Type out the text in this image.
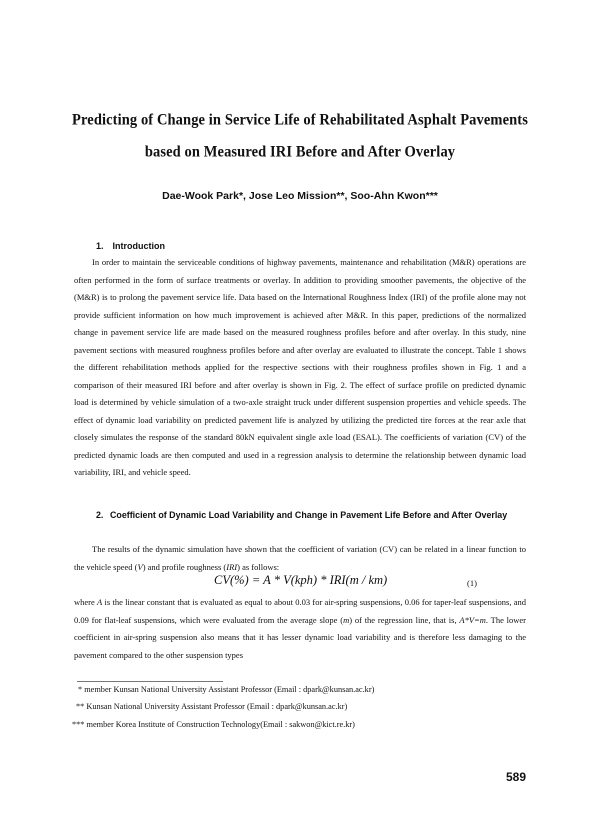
Predicting of Change in Service Life of Rehabilitated Asphalt Pavements
based on Measured IRI Before and After Overlay
Dae-Wook Park*, Jose Leo Mission**, Soo-Ahn Kwon***
1. Introduction

In order to maintain the serviceable conditions of highway pavements, maintenance and rehabilitation (M&R) operations are often performed in the form of surface treatments or overlay. In addition to providing smoother pavements, the objective of the (M&R) is to prolong the pavement service life. Data based on the International Roughness Index (IRI) of the profile alone may not provide sufficient information on how much improvement is achieved after M&R. In this paper, predictions of the normalized change in pavement service life are made based on the measured roughness profiles before and after overlay. In this study, nine pavement sections with measured roughness profiles before and after overlay are evaluated to illustrate the concept. Table 1 shows the different rehabilitation methods applied for the respective sections with their roughness profiles shown in Fig. 1 and a comparison of their measured IRI before and after overlay is shown in Fig. 2. The effect of surface profile on predicted dynamic load is determined by vehicle simulation of a two-axle straight truck under different suspension properties and vehicle speeds. The effect of dynamic load variability on predicted pavement life is analyzed by utilizing the predicted tire forces at the rear axle that closely simulates the response of the standard 80kN equivalent single axle load (ESAL). The coefficients of variation (CV) of the predicted dynamic loads are then computed and used in a regression analysis to determine the relationship between dynamic load variability, IRI, and vehicle speed.

2. Coefficient of Dynamic Load Variability and Change in Pavement Life Before and After Overlay

The results of the dynamic simulation have shown that the coefficient of variation (CV) can be related in a linear function to the vehicle speed (V) and profile roughness (IRI) as follows:

CV(%) = A * V(kph) * IRI(m / km)	(1)

where A is the linear constant that is evaluated as equal to about 0.03 for air-spring suspensions, 0.06 for taper-leaf suspensions, and 0.09 for flat-leaf suspensions, which were evaluated from the average slope (m) of the regression line, that is, A*V=m. The lower coefficient in air-spring suspension also means that it has lesser dynamic load variability and is therefore less damaging to the pavement compared to the other suspension types

* member Kunsan National University Assistant Professor (Email : dpark@kunsan.ac.kr)
** Kunsan National University Assistant Professor (Email : dpark@kunsan.ac.kr)
*** member Korea Institute of Construction Technology(Email : sakwon@kict.re.kr)
589
